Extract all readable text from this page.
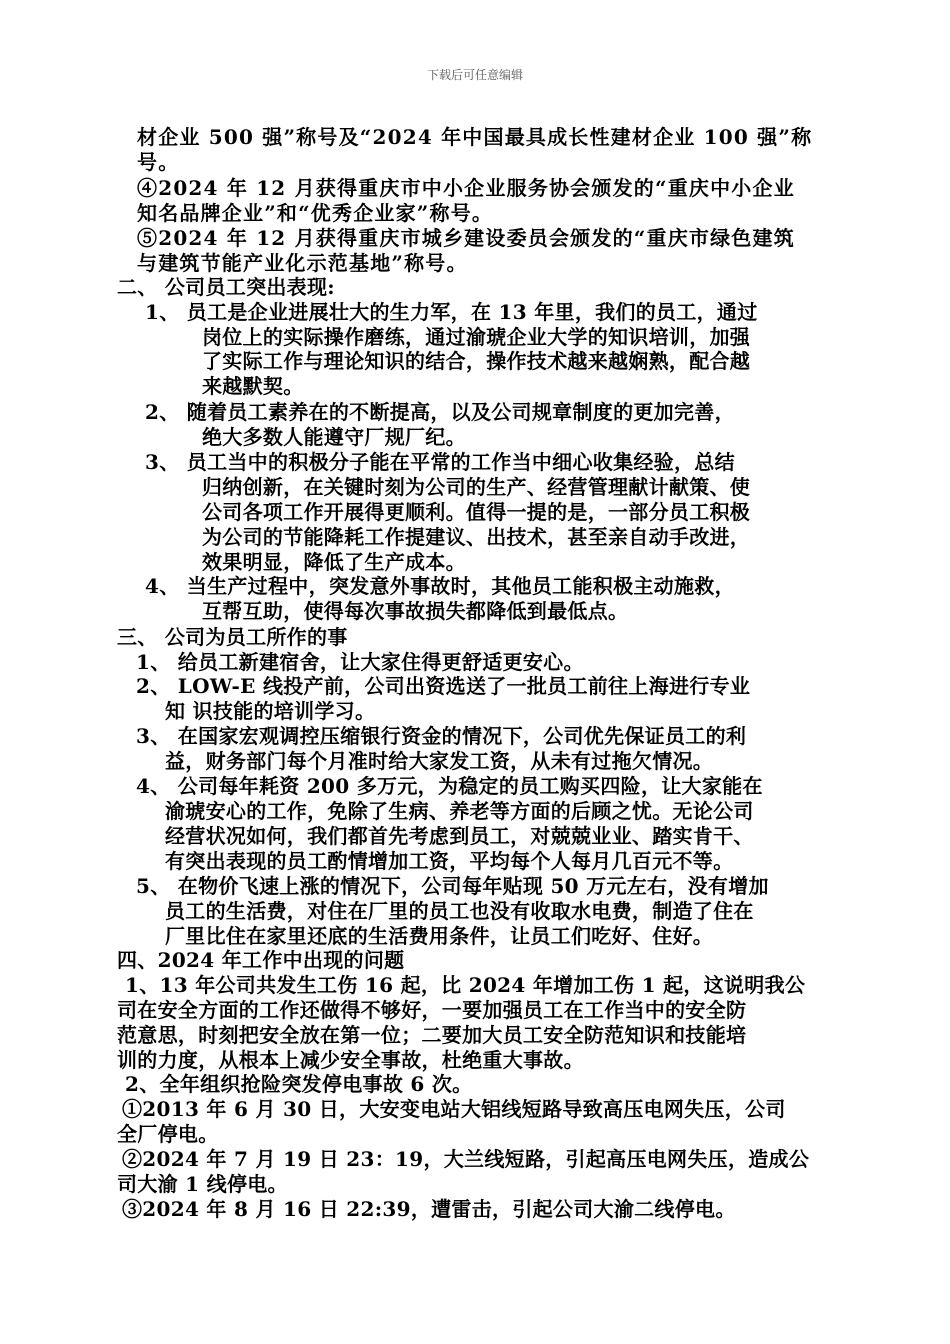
下载后可任意编辑
材企业 500 强”称号及“2024 年中国最具成长性建材企业 100 强”称
号。
④2024 年 12 月获得重庆市中小企业服务协会颁发的“重庆中小企业
知名品牌企业”和“优秀企业家”称号。
⑤2024 年 12 月获得重庆市城乡建设委员会颁发的“重庆市绿色建筑
与建筑节能产业化示范基地”称号。
二、 公司员工突出表现:
1、 员工是企业进展壮大的生力军，在 13 年里，我们的员工，通过
岗位上的实际操作磨练，通过渝琥企业大学的知识培训，加强
了实际工作与理论知识的结合，操作技术越来越娴熟，配合越
来越默契。
2、 随着员工素养在的不断提高，以及公司规章制度的更加完善，
绝大多数人能遵守厂规厂纪。
3、 员工当中的积极分子能在平常的工作当中细心收集经验，总结
归纳创新，在关键时刻为公司的生产、经营管理献计献策、使
公司各项工作开展得更顺利。值得一提的是，一部分员工积极
为公司的节能降耗工作提建议、出技术，甚至亲自动手改进，
效果明显，降低了生产成本。
4、 当生产过程中，突发意外事故时，其他员工能积极主动施救，
互帮互助，使得每次事故损失都降低到最低点。
三、 公司为员工所作的事
1、 给员工新建宿舍，让大家住得更舒适更安心。
2、 LOW-E 线投产前，公司出资选送了一批员工前往上海进行专业
知 识技能的培训学习。
3、 在国家宏观调控压缩银行资金的情况下，公司优先保证员工的利
益，财务部门每个月准时给大家发工资，从未有过拖欠情况。
4、 公司每年耗资 200 多万元，为稳定的员工购买四险，让大家能在
渝琥安心的工作，免除了生病、养老等方面的后顾之忧。无论公司
经营状况如何，我们都首先考虑到员工，对兢兢业业、踏实肯干、
有突出表现的员工酌情增加工资，平均每个人每月几百元不等。
5、 在物价飞速上涨的情况下，公司每年贴现 50 万元左右，没有增加
员工的生活费，对住在厂里的员工也没有收取水电费，制造了住在
厂里比住在家里还底的生活费用条件，让员工们吃好、住好。
四、2024 年工作中出现的问题
1、13 年公司共发生工伤 16 起，比 2024 年增加工伤 1 起，这说明我公
司在安全方面的工作还做得不够好，一要加强员工在工作当中的安全防
范意思，时刻把安全放在第一位；二要加大员工安全防范知识和技能培
训的力度，从根本上减少安全事故，杜绝重大事故。
2、全年组织抢险突发停电事故 6 次。
①2013 年 6 月 30 日，大安变电站大铝线短路导致高压电网失压，公司
全厂停电。
②2024 年 7 月 19 日 23：19，大兰线短路，引起高压电网失压，造成公
司大渝 1 线停电。
③2024 年 8 月 16 日 22:39，遭雷击，引起公司大渝二线停电。
